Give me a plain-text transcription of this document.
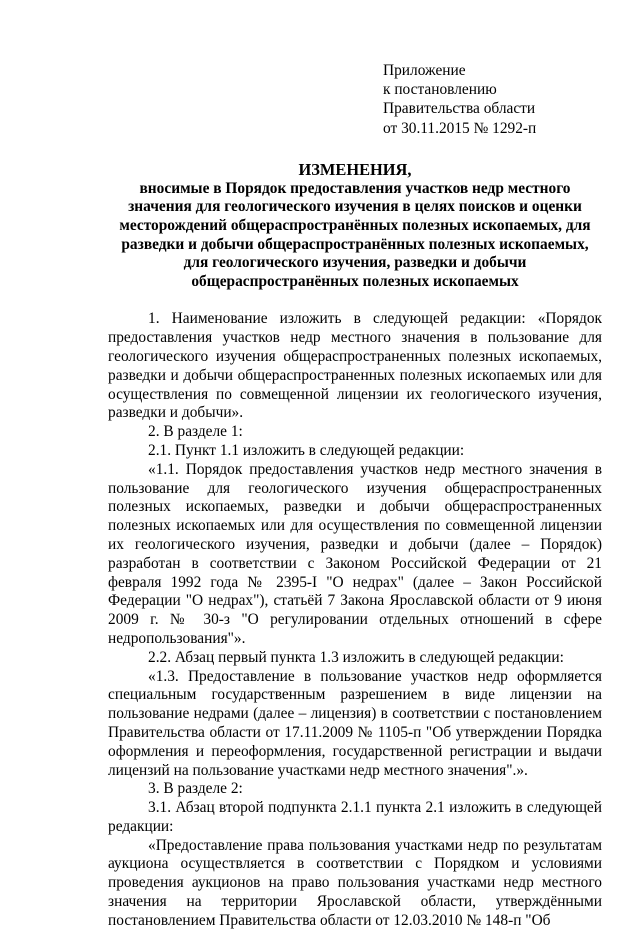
Приложение
к постановлению
Правительства области
от 30.11.2015 № 1292-п
ИЗМЕНЕНИЯ,
вносимые в Порядок предоставления участков недр местного значения для геологического изучения в целях поисков и оценки месторождений общераспространённых полезных ископаемых, для разведки и добычи общераспространённых полезных ископаемых, для геологического изучения, разведки и добычи общераспространённых полезных ископаемых

1. Наименование изложить в следующей редакции: «Порядок предоставления участков недр местного значения в пользование для геологического изучения общераспространенных полезных ископаемых, разведки и добычи общераспространенных полезных ископаемых или для осуществления по совмещенной лицензии их геологического изучения, разведки и добычи».

2. В разделе 1:

2.1. Пункт 1.1 изложить в следующей редакции:

«1.1. Порядок предоставления участков недр местного значения в пользование для геологического изучения общераспространенных полезных ископаемых, разведки и добычи общераспространенных полезных ископаемых или для осуществления по совмещенной лицензии их геологического изучения, разведки и добычи (далее – Порядок) разработан в соответствии с Законом Российской Федерации от 21 февраля 1992 года № 2395-I "О недрах" (далее – Закон Российской Федерации "О недрах"), статьёй 7 Закона Ярославской области от 9 июня 2009 г. № 30-з "О регулировании отдельных отношений в сфере недропользования"».

2.2. Абзац первый пункта 1.3 изложить в следующей редакции:

«1.3. Предоставление в пользование участков недр оформляется специальным государственным разрешением в виде лицензии на пользование недрами (далее – лицензия) в соответствии с постановлением Правительства области от 17.11.2009 № 1105-п "Об утверждении Порядка оформления и переоформления, государственной регистрации и выдачи лицензий на пользование участками недр местного значения".».

3. В разделе 2:

3.1. Абзац второй подпункта 2.1.1 пункта 2.1 изложить в следующей редакции:

«Предоставление права пользования участками недр по результатам аукциона осуществляется в соответствии с Порядком и условиями проведения аукционов на право пользования участками недр местного значения на территории Ярославской области, утверждёнными постановлением Правительства области от 12.03.2010 № 148-п "Об
